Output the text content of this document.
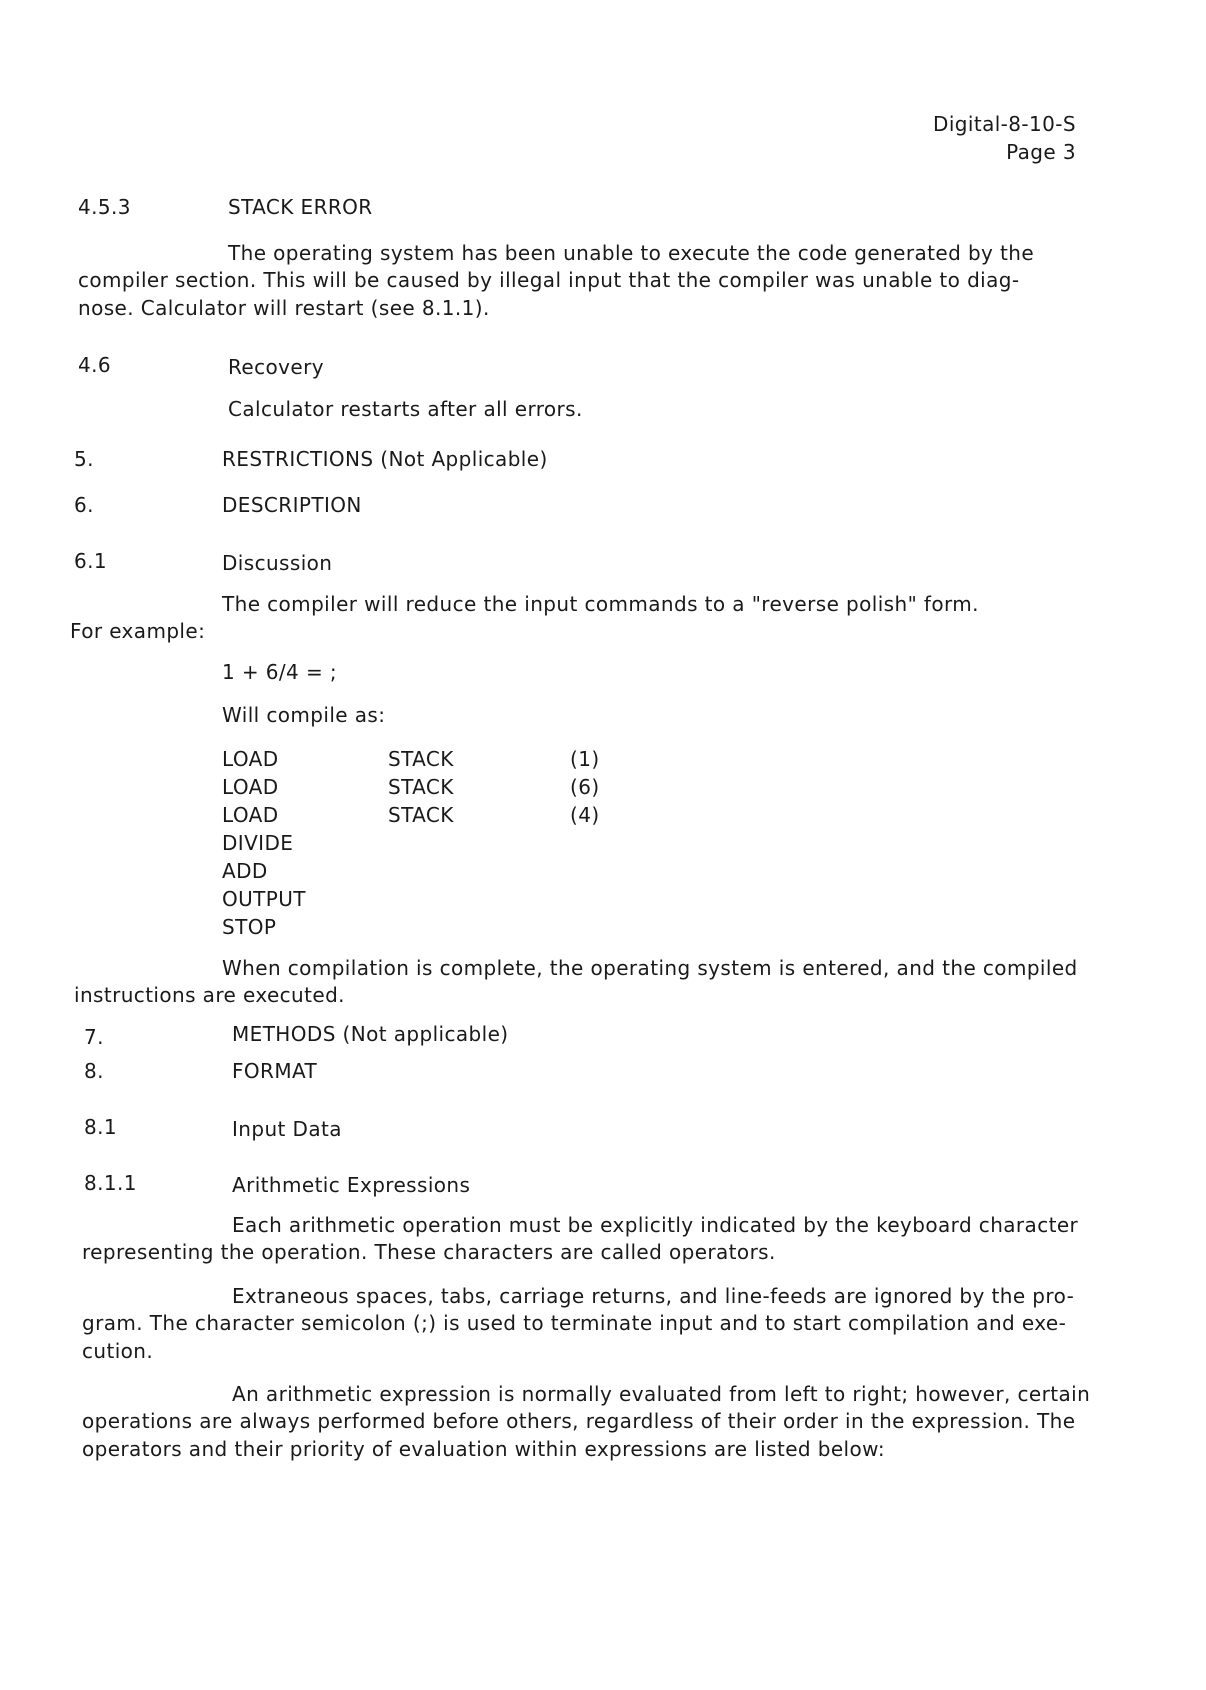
Digital-8-10-S
Page 3
4.5.3	STACK ERROR
The operating system has been unable to execute the code generated by the
compiler section. This will be caused by illegal input that the compiler was unable to diag-
nose. Calculator will restart (see 8.1.1).
4.6	Recovery
Calculator restarts after all errors.
5.	RESTRICTIONS (Not Applicable)
6.	DESCRIPTION
6.1	Discussion
The compiler will reduce the input commands to a "reverse polish" form.
For example:
1 + 6/4 = ;
Will compile as:
LOAD	STACK	(1)
LOAD	STACK	(6)
LOAD	STACK	(4)
DIVIDE
ADD
OUTPUT
STOP
When compilation is complete, the operating system is entered, and the compiled
instructions are executed.
7.	METHODS (Not applicable)
8.	FORMAT
8.1	Input Data
8.1.1	Arithmetic Expressions
Each arithmetic operation must be explicitly indicated by the keyboard character
representing the operation. These characters are called operators.
Extraneous spaces, tabs, carriage returns, and line-feeds are ignored by the pro-
gram. The character semicolon (;) is used to terminate input and to start compilation and exe-
cution.
An arithmetic expression is normally evaluated from left to right; however, certain
operations are always performed before others, regardless of their order in the expression. The
operators and their priority of evaluation within expressions are listed below:
